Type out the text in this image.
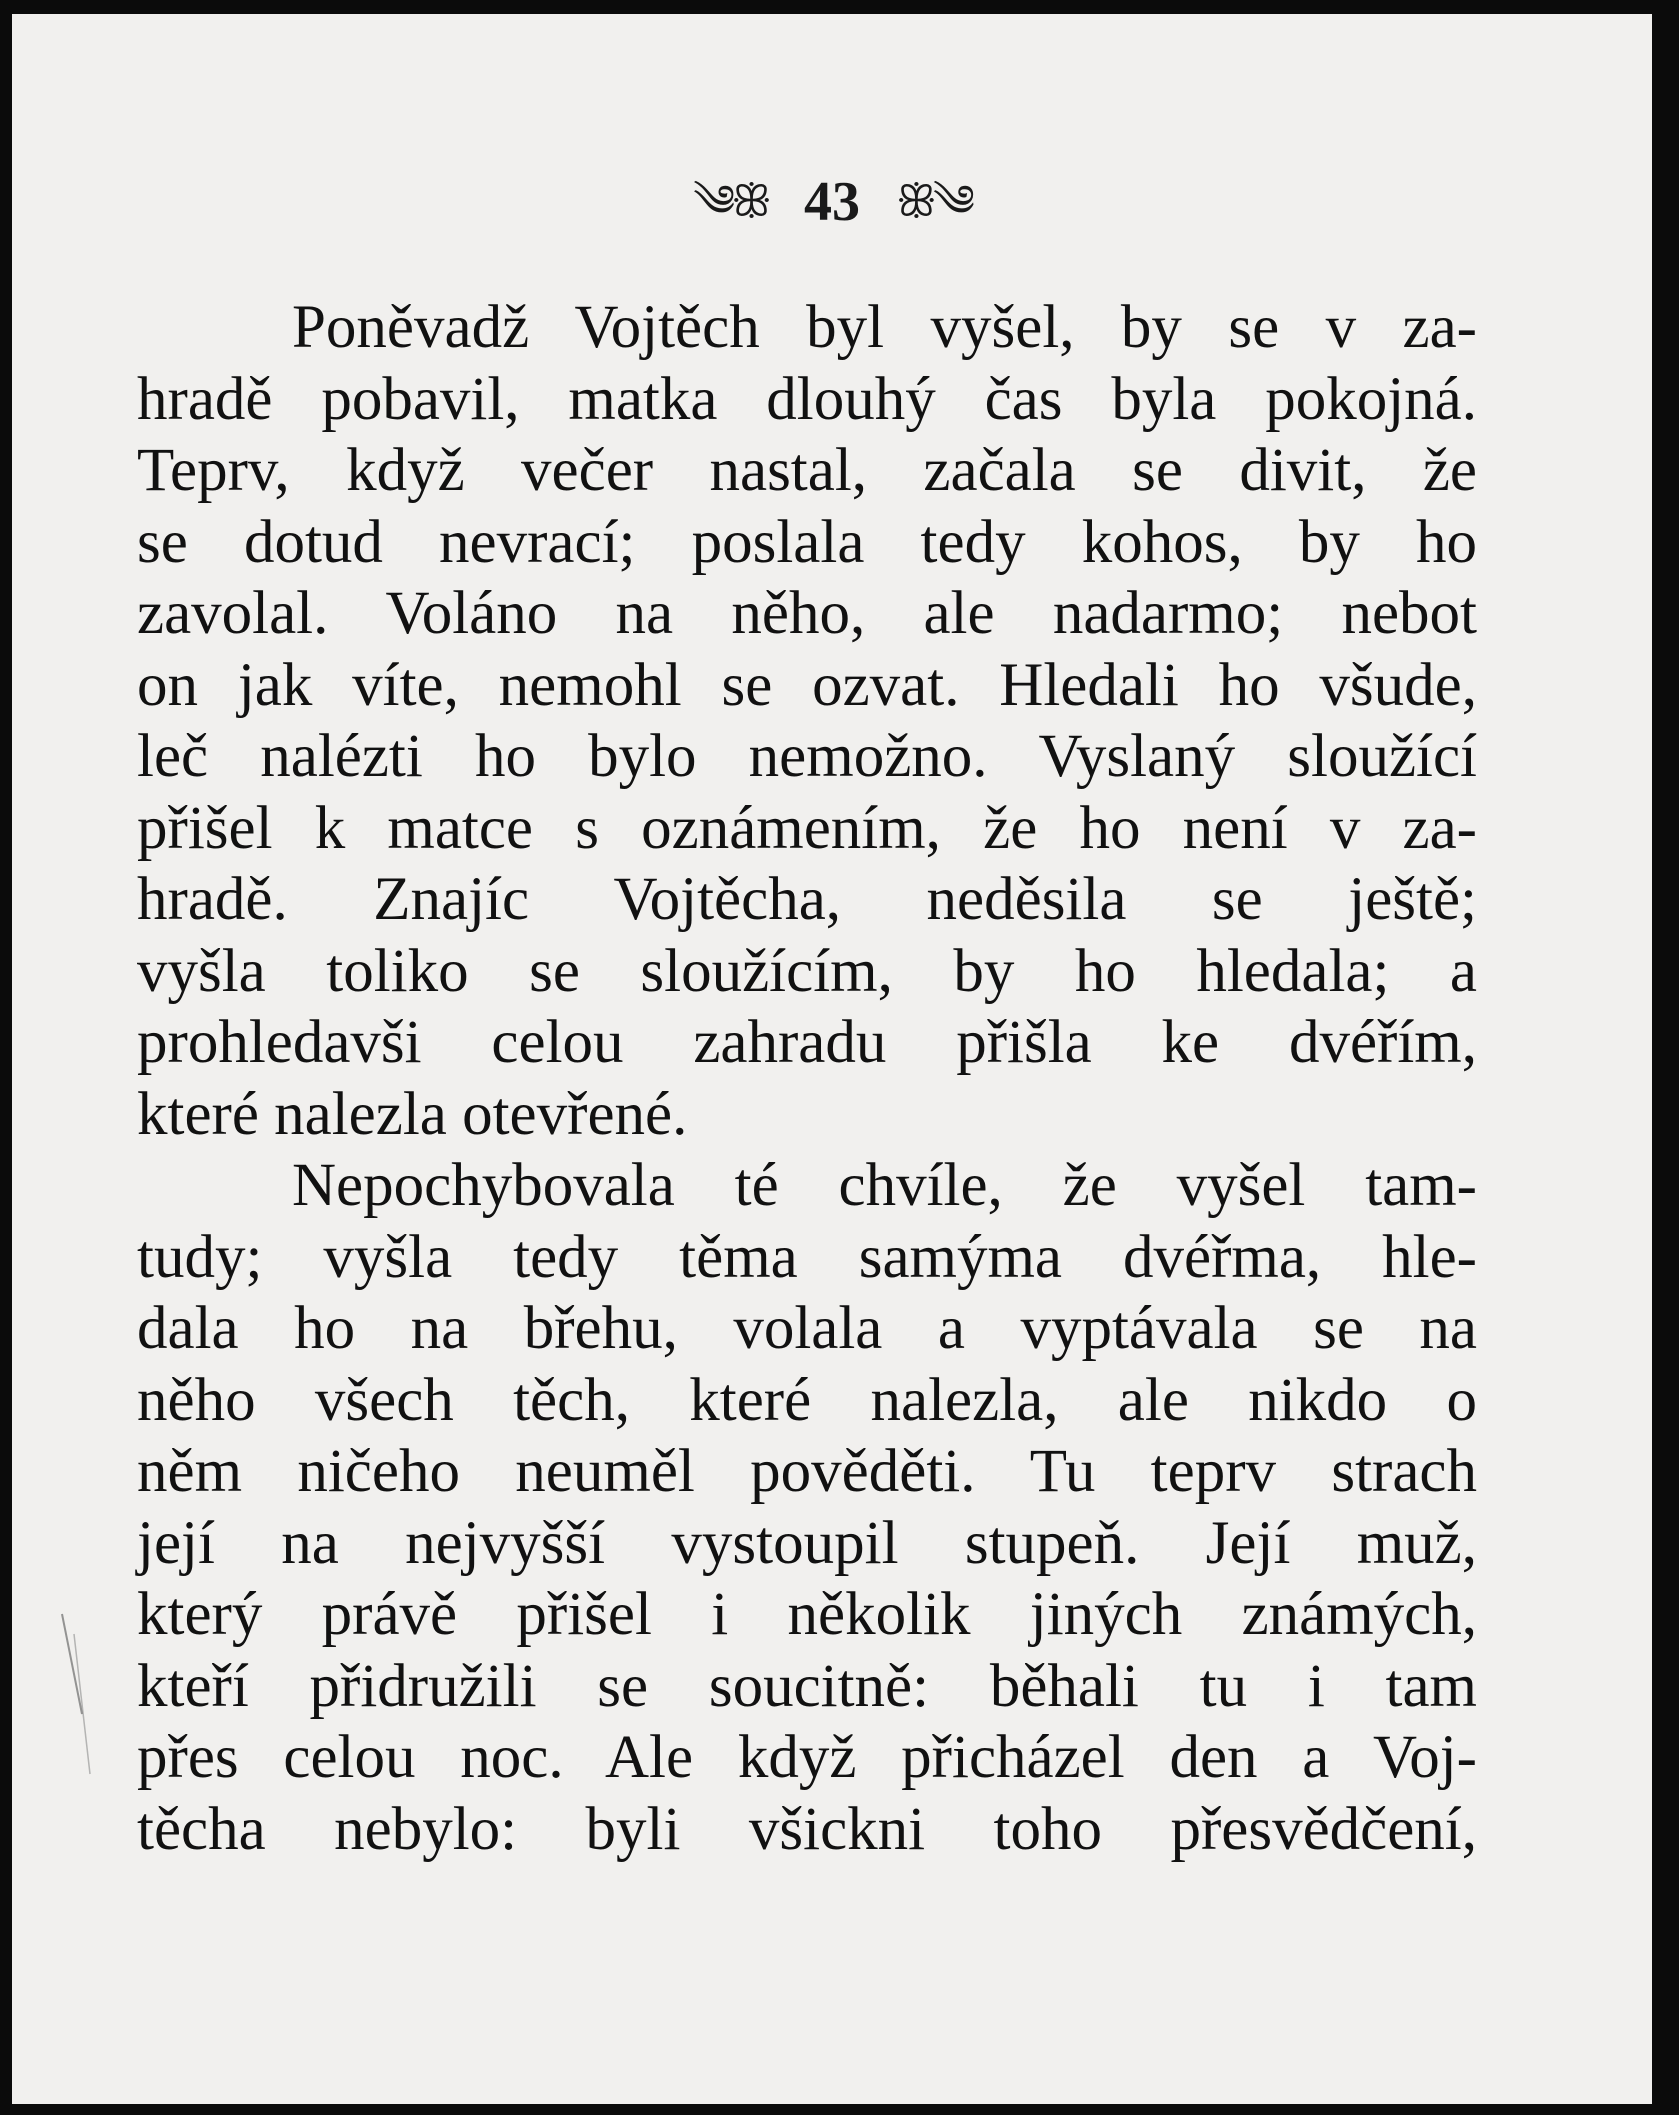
༄ꕥ 43 ꕥ༄
Poněvadž Vojtěch byl vyšel, by se v za-
hradě pobavil, matka dlouhý čas byla pokojná.
Teprv, když večer nastal, začala se divit, že
se dotud nevrací; poslala tedy kohos, by ho
zavolal. Voláno na něho, ale nadarmo; nebot
on jak víte, nemohl se ozvat. Hledali ho všude,
leč nalézti ho bylo nemožno. Vyslaný sloužící
přišel k matce s oznámením, že ho není v za-
hradě. Znajíc Vojtěcha, neděsila se ještě;
vyšla toliko se sloužícím, by ho hledala; a
prohledavši celou zahradu přišla ke dvéřím,
které nalezla otevřené.
Nepochybovala té chvíle, že vyšel tam-
tudy; vyšla tedy těma samýma dvéřma, hle-
dala ho na břehu, volala a vyptávala se na
něho všech těch, které nalezla, ale nikdo o
něm ničeho neuměl pověděti. Tu teprv strach
její na nejvyšší vystoupil stupeň. Její muž,
který právě přišel i několik jiných známých,
kteří přidružili se soucitně: běhali tu i tam
přes celou noc. Ale když přicházel den a Voj-
těcha nebylo: byli všickni toho přesvědčení,
